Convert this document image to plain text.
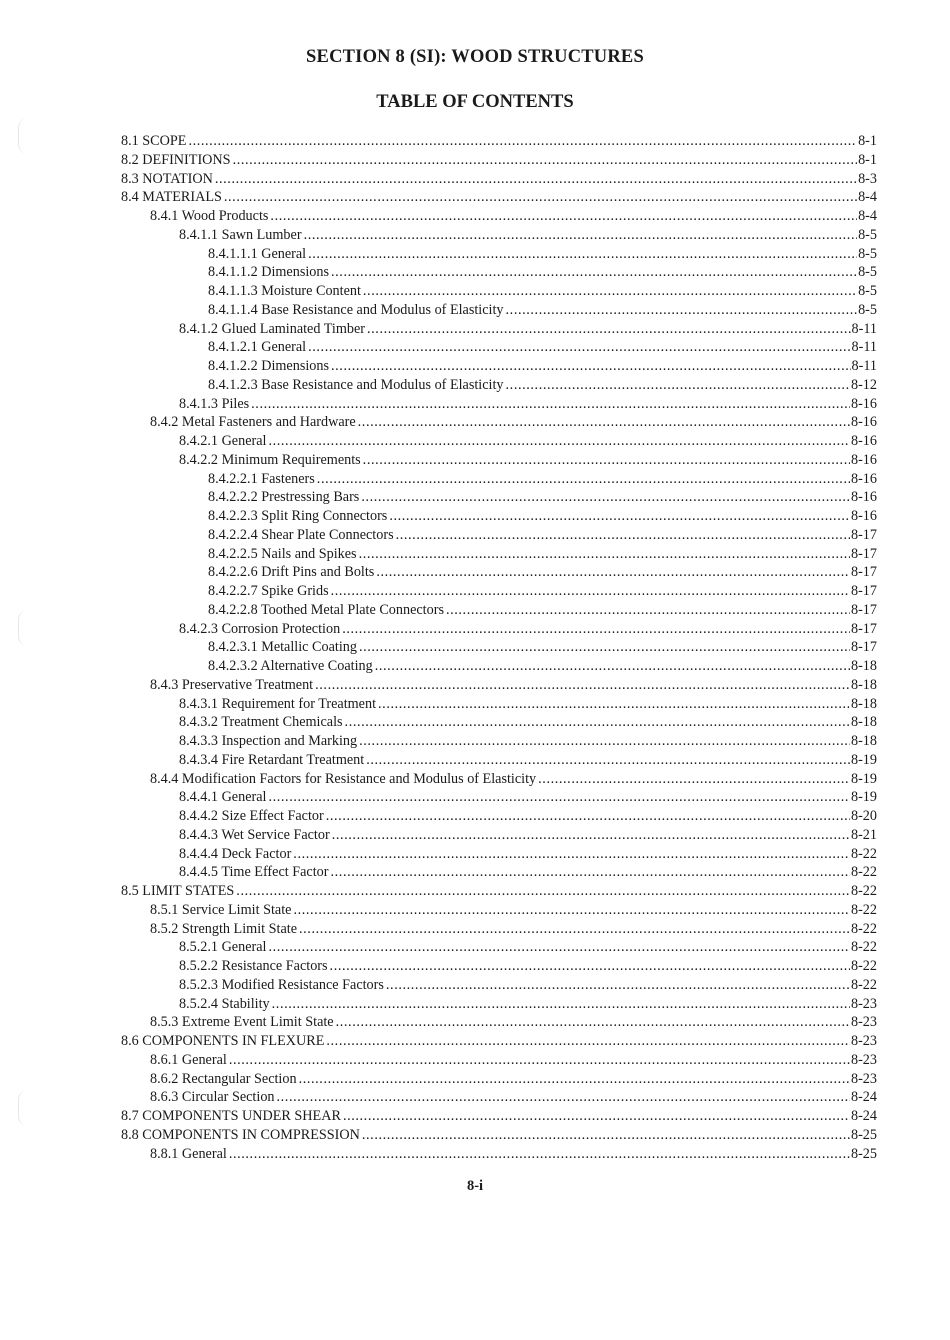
SECTION 8 (SI): WOOD STRUCTURES
TABLE OF CONTENTS
8.1 SCOPE .....	8-1
8.2 DEFINITIONS .....	8-1
8.3 NOTATION .....	8-3
8.4 MATERIALS .....	8-4
8.4.1 Wood Products .....	8-4
8.4.1.1 Sawn Lumber .....	8-5
8.4.1.1.1 General .....	8-5
8.4.1.1.2 Dimensions .....	8-5
8.4.1.1.3 Moisture Content .....	8-5
8.4.1.1.4 Base Resistance and Modulus of Elasticity .....	8-5
8.4.1.2 Glued Laminated Timber .....	8-11
8.4.1.2.1 General .....	8-11
8.4.1.2.2 Dimensions .....	8-11
8.4.1.2.3 Base Resistance and Modulus of Elasticity .....	8-12
8.4.1.3 Piles .....	8-16
8.4.2 Metal Fasteners and Hardware .....	8-16
8.4.2.1 General .....	8-16
8.4.2.2 Minimum Requirements .....	8-16
8.4.2.2.1 Fasteners .....	8-16
8.4.2.2.2 Prestressing Bars .....	8-16
8.4.2.2.3 Split Ring Connectors .....	8-16
8.4.2.2.4 Shear Plate Connectors .....	8-17
8.4.2.2.5 Nails and Spikes .....	8-17
8.4.2.2.6 Drift Pins and Bolts .....	8-17
8.4.2.2.7 Spike Grids .....	8-17
8.4.2.2.8 Toothed Metal Plate Connectors .....	8-17
8.4.2.3 Corrosion Protection .....	8-17
8.4.2.3.1 Metallic Coating .....	8-17
8.4.2.3.2 Alternative Coating .....	8-18
8.4.3 Preservative Treatment .....	8-18
8.4.3.1 Requirement for Treatment .....	8-18
8.4.3.2 Treatment Chemicals .....	8-18
8.4.3.3 Inspection and Marking .....	8-18
8.4.3.4 Fire Retardant Treatment .....	8-19
8.4.4 Modification Factors for Resistance and Modulus of Elasticity .....	8-19
8.4.4.1 General .....	8-19
8.4.4.2 Size Effect Factor .....	8-20
8.4.4.3 Wet Service Factor .....	8-21
8.4.4.4 Deck Factor .....	8-22
8.4.4.5 Time Effect Factor .....	8-22
8.5 LIMIT STATES .....	8-22
8.5.1 Service Limit State .....	8-22
8.5.2 Strength Limit State .....	8-22
8.5.2.1 General .....	8-22
8.5.2.2 Resistance Factors .....	8-22
8.5.2.3 Modified Resistance Factors .....	8-22
8.5.2.4 Stability .....	8-23
8.5.3 Extreme Event Limit State .....	8-23
8.6 COMPONENTS IN FLEXURE .....	8-23
8.6.1 General .....	8-23
8.6.2 Rectangular Section .....	8-23
8.6.3 Circular Section .....	8-24
8.7 COMPONENTS UNDER SHEAR .....	8-24
8.8 COMPONENTS IN COMPRESSION .....	8-25
8.8.1 General .....	8-25
8-i
